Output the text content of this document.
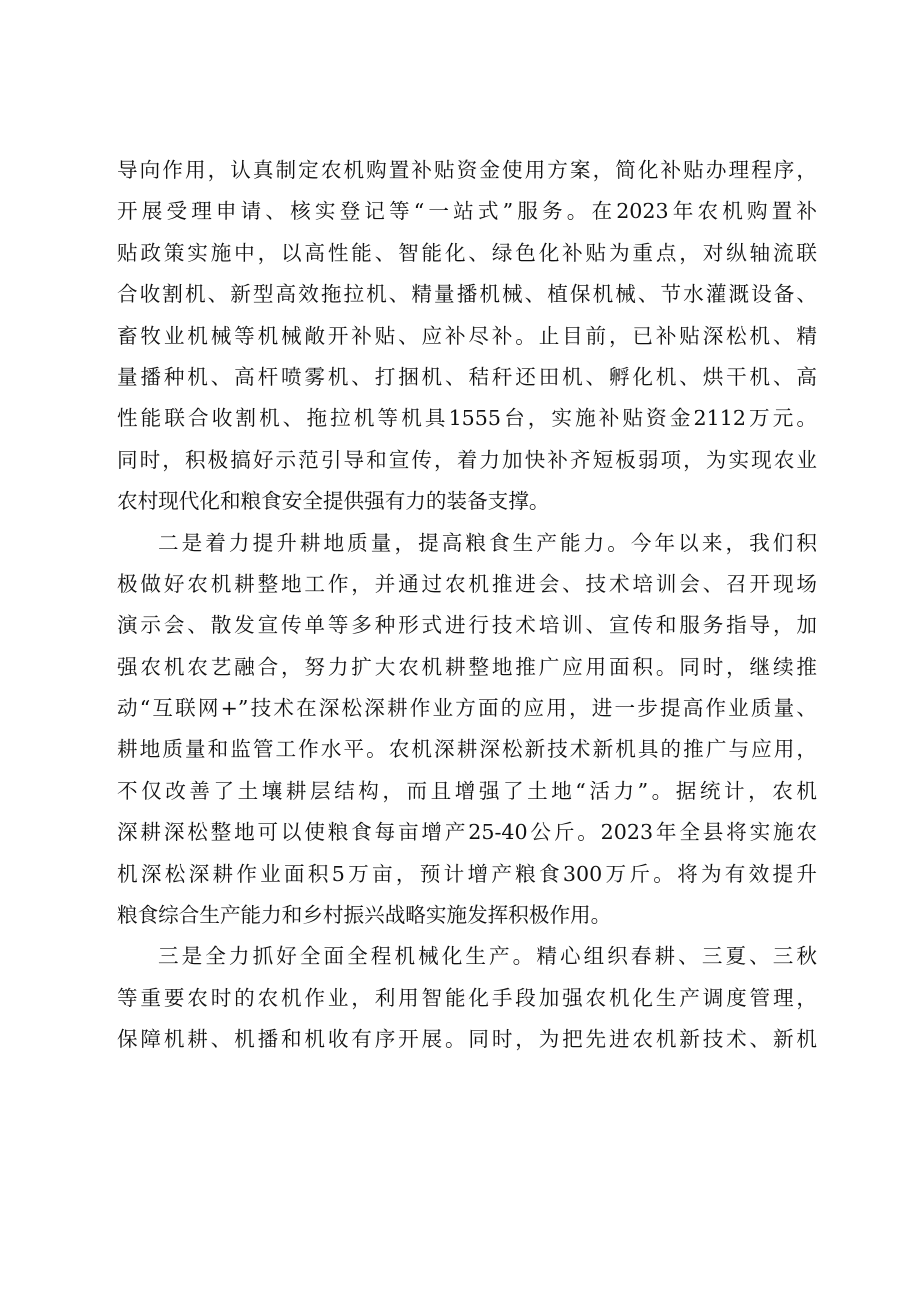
导向作用，认真制定农机购置补贴资金使用方案，简化补贴办理程序，
开展受理申请、核实登记等“一站式”服务。在2023年农机购置补
贴政策实施中，以高性能、智能化、绿色化补贴为重点，对纵轴流联
合收割机、新型高效拖拉机、精量播机械、植保机械、节水灌溉设备、
畜牧业机械等机械敞开补贴、应补尽补。止目前，已补贴深松机、精
量播种机、高杆喷雾机、打捆机、秸秆还田机、孵化机、烘干机、高
性能联合收割机、拖拉机等机具1555台，实施补贴资金2112万元。
同时，积极搞好示范引导和宣传，着力加快补齐短板弱项，为实现农业
农村现代化和粮食安全提供强有力的装备支撑。
二是着力提升耕地质量，提高粮食生产能力。今年以来，我们积
极做好农机耕整地工作，并通过农机推进会、技术培训会、召开现场
演示会、散发宣传单等多种形式进行技术培训、宣传和服务指导，加
强农机农艺融合，努力扩大农机耕整地推广应用面积。同时，继续推
动“互联网+”技术在深松深耕作业方面的应用，进一步提高作业质量、
耕地质量和监管工作水平。农机深耕深松新技术新机具的推广与应用，
不仅改善了土壤耕层结构，而且增强了土地“活力”。据统计，农机
深耕深松整地可以使粮食每亩增产25-40公斤。2023年全县将实施农
机深松深耕作业面积5万亩，预计增产粮食300万斤。将为有效提升
粮食综合生产能力和乡村振兴战略实施发挥积极作用。
三是全力抓好全面全程机械化生产。精心组织春耕、三夏、三秋
等重要农时的农机作业，利用智能化手段加强农机化生产调度管理，
保障机耕、机播和机收有序开展。同时，为把先进农机新技术、新机
